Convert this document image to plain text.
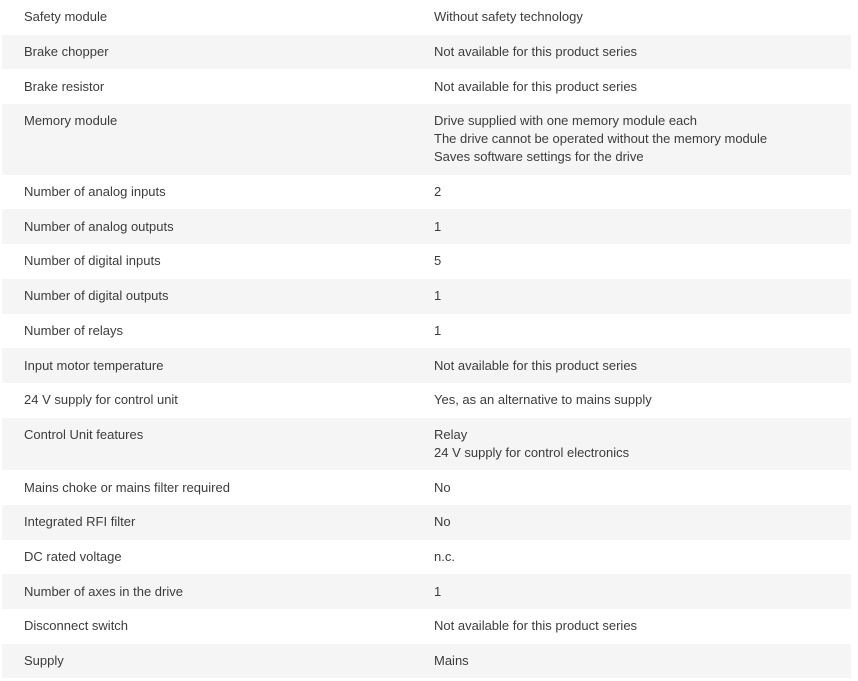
Safety module	Without safety technology
Brake chopper	Not available for this product series
Brake resistor	Not available for this product series
Memory module	Drive supplied with one memory module each
The drive cannot be operated without the memory module
Saves software settings for the drive
Number of analog inputs	2
Number of analog outputs	1
Number of digital inputs	5
Number of digital outputs	1
Number of relays	1
Input motor temperature	Not available for this product series
24 V supply for control unit	Yes, as an alternative to mains supply
Control Unit features	Relay
24 V supply for control electronics
Mains choke or mains filter required	No
Integrated RFI filter	No
DC rated voltage	n.c.
Number of axes in the drive	1
Disconnect switch	Not available for this product series
Supply	Mains
